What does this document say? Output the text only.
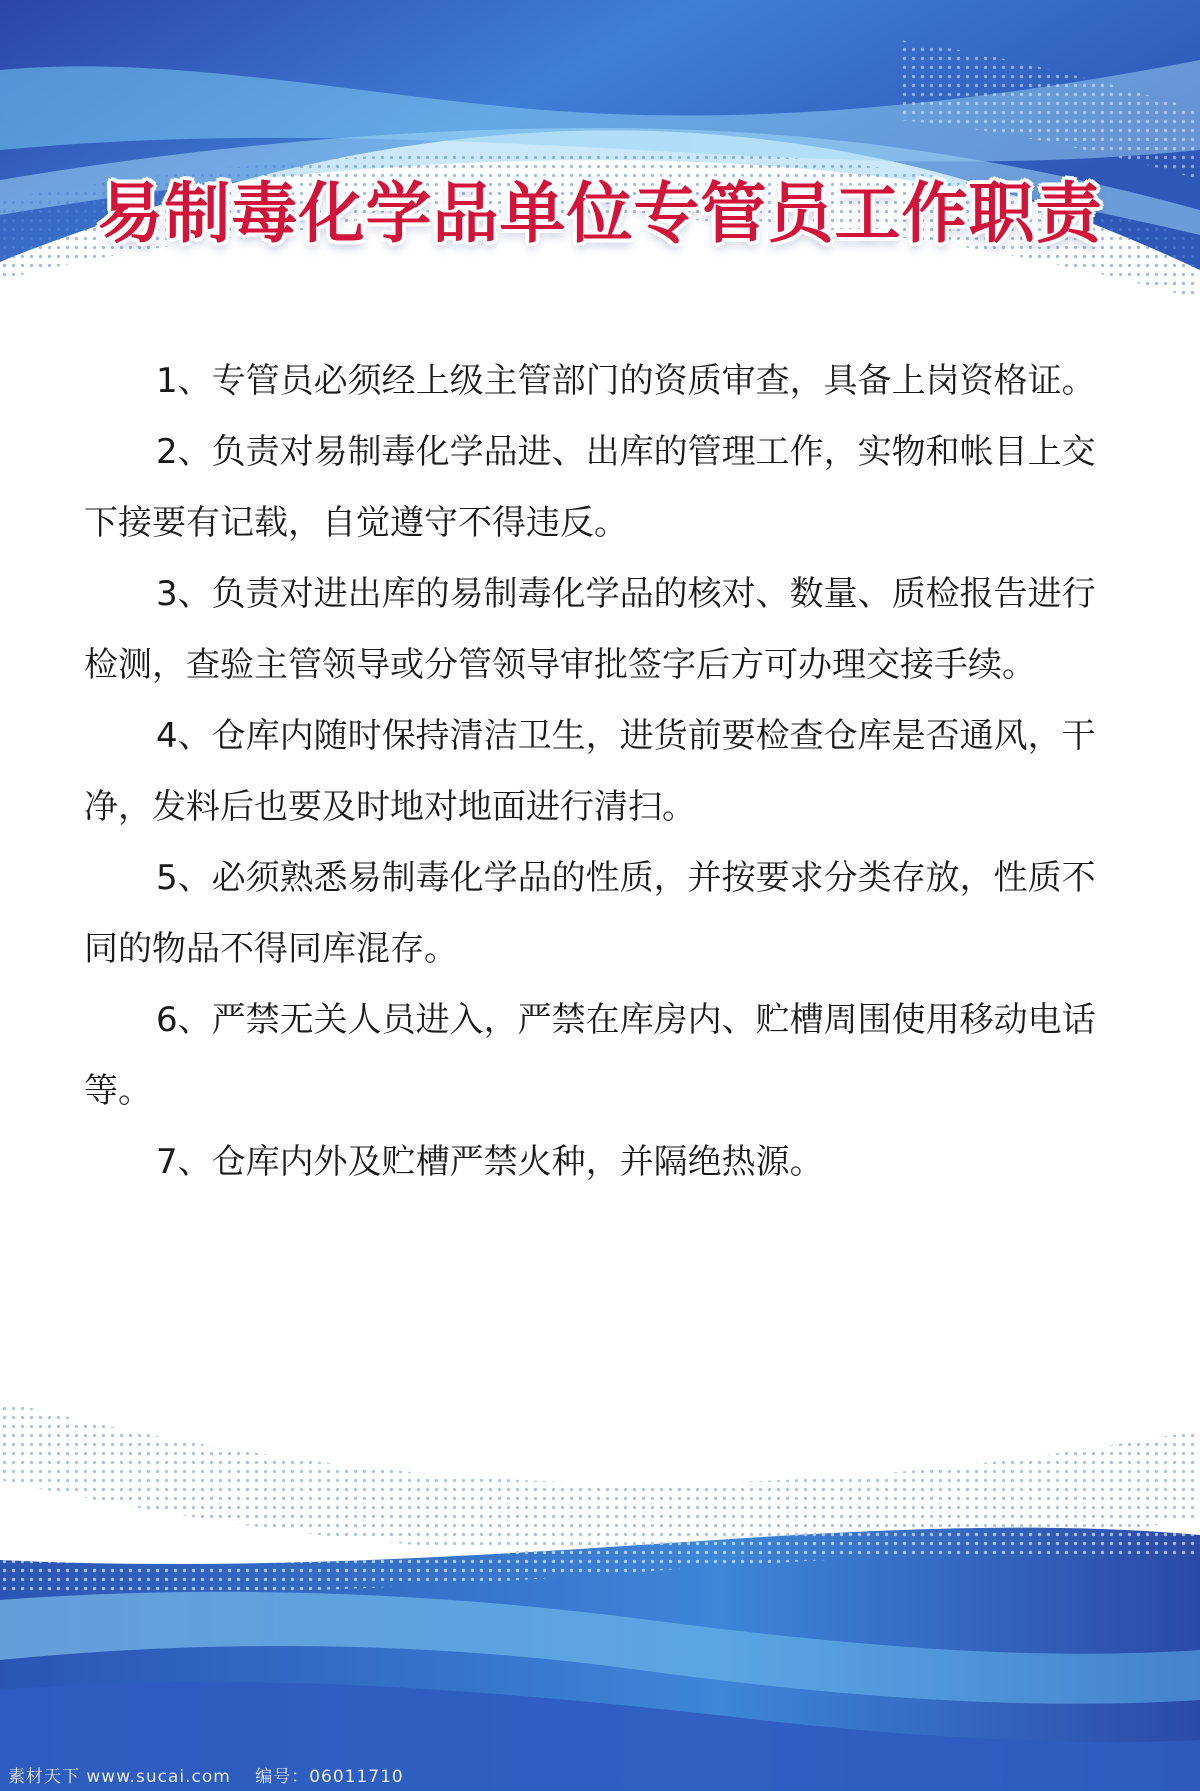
易制毒化学品单位专管员工作职责

1、专管员必须经上级主管部门的资质审查，具备上岗资格证。

2、负责对易制毒化学品进、出库的管理工作，实物和帐目上交下接要有记载，自觉遵守不得违反。

3、负责对进出库的易制毒化学品的核对、数量、质检报告进行检测，查验主管领导或分管领导审批签字后方可办理交接手续。

4、仓库内随时保持清洁卫生，进货前要检查仓库是否通风，干净，发料后也要及时地对地面进行清扫。

5、必须熟悉易制毒化学品的性质，并按要求分类存放，性质不同的物品不得同库混存。

6、严禁无关人员进入，严禁在库房内、贮槽周围使用移动电话等。

7、仓库内外及贮槽严禁火种，并隔绝热源。

素材天下 www.sucai.com 编号：06011710
